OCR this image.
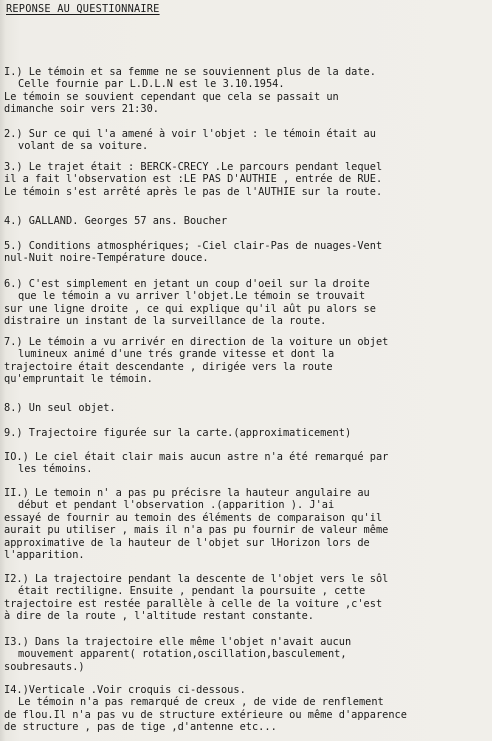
REPONSE AU QUESTIONNAIRE
I.) Le témoin et sa femme ne se souviennent plus de la date.
Celle fournie par L.D.L.N est le 3.10.1954.
Le témoin se souvient cependant que cela se passait un
dimanche soir vers 21:30.
2.) Sur ce qui l'a amené à voir l'objet : le témoin était au
volant de sa voiture.
3.) Le trajet était : BERCK-CRECY .Le parcours pendant lequel
il a fait l'observation est :LE PAS D'AUTHIE , entrée de RUE.
Le témoin s'est arrêté après le pas de l'AUTHIE sur la route.
4.) GALLAND. Georges 57 ans. Boucher
5.) Conditions atmosphériques; -Ciel clair-Pas de nuages-Vent
nul-Nuit noire-Température douce.
6.) C'est simplement en jetant un coup d'oeil sur la droite
que le témoin a vu arriver l'objet.Le témoin se trouvait
sur une ligne droite , ce qui explique qu'il aût pu alors se
distraire un instant de la surveillance de la route.
7.) Le témoin a vu arrivér en direction de la voiture un objet
lumineux animé d'une trés grande vitesse et dont la
trajectoire était descendante , dirigée vers la route
qu'empruntait le témoin.
8.) Un seul objet.
9.) Trajectoire figurée sur la carte.(approximaticement)
IO.) Le ciel était clair mais aucun astre n'a été remarqué par
les témoins.
II.) Le temoin n' a pas pu précisre la hauteur angulaire au
début et pendant l'observation .(apparition ). J'ai
essayé de fournir au temoin des éléments de comparaison qu'il
aurait pu utiliser , mais il n'a pas pu fournir de valeur même
approximative de la hauteur de l'objet sur lHorizon lors de
l'apparition.
I2.) La trajectoire pendant la descente de l'objet vers le sôl
était rectiligne. Ensuite , pendant la poursuite , cette
trajectoire est restée parallèle à celle de la voiture ,c'est
à dire de la route , l'altitude restant constante.
I3.) Dans la trajectoire elle même l'objet n'avait aucun
mouvement apparent( rotation,oscillation,basculement,
soubresauts.)
I4.)Verticale .Voir croquis ci-dessous.
Le témoin n'a pas remarqué de creux , de vide de renflement
de flou.Il n'a pas vu de structure extérieure ou même d'apparence
de structure , pas de tige ,d'antenne etc...
